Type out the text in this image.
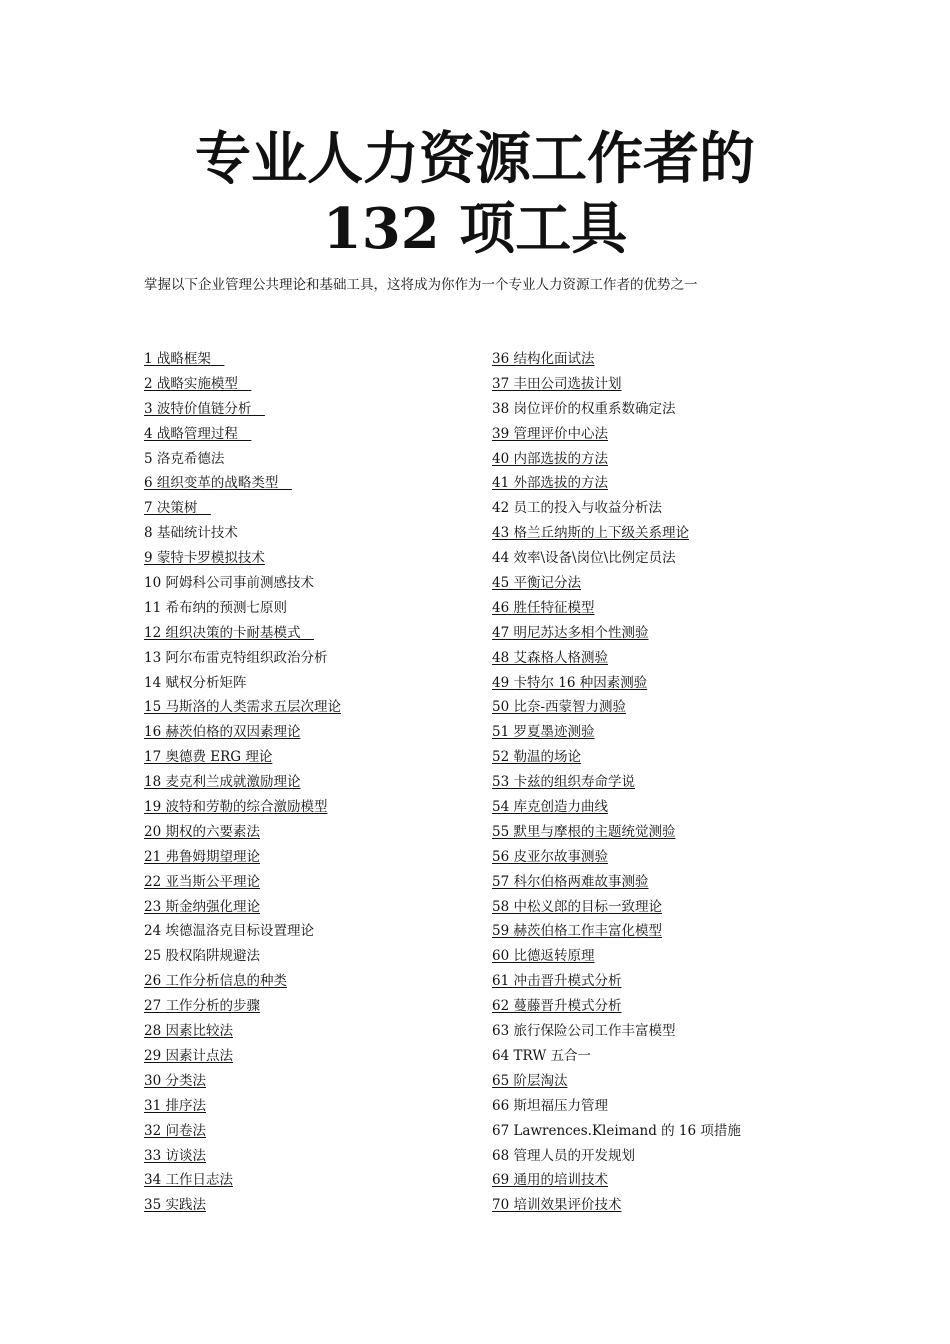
专业人力资源工作者的
132 项工具

掌握以下企业管理公共理论和基础工具，这将成为你作为一个专业人力资源工作者的优势之一

1 战略框架　
2 战略实施模型　
3 波特价值链分析　
4 战略管理过程　
5 洛克希德法
6 组织变革的战略类型　
7 决策树　
8 基础统计技术
9 蒙特卡罗模拟技术
10 阿姆科公司事前测感技术
11 希布纳的预测七原则
12 组织决策的卡耐基模式　
13 阿尔布雷克特组织政治分析
14 赋权分析矩阵
15 马斯洛的人类需求五层次理论
16 赫茨伯格的双因素理论
17 奥德费 ERG 理论
18 麦克利兰成就激励理论
19 波特和劳勒的综合激励模型
20 期权的六要素法
21 弗鲁姆期望理论
22 亚当斯公平理论
23 斯金纳强化理论
24 埃德温洛克目标设置理论
25 股权陷阱规避法
26 工作分析信息的种类
27 工作分析的步骤
28 因素比较法
29 因素计点法
30 分类法
31 排序法
32 问卷法
33 访谈法
34 工作日志法
35 实践法
36 结构化面试法
37 丰田公司选拔计划
38 岗位评价的权重系数确定法
39 管理评价中心法
40 内部选拔的方法
41 外部选拔的方法
42 员工的投入与收益分析法
43 格兰丘纳斯的上下级关系理论
44 效率\设备\岗位\比例定员法
45 平衡记分法
46 胜任特征模型
47 明尼苏达多相个性测验
48 艾森格人格测验
49 卡特尔 16 种因素测验
50 比奈-西蒙智力测验
51 罗夏墨迹测验
52 勒温的场论
53 卡兹的组织寿命学说
54 库克创造力曲线
55 默里与摩根的主题统觉测验
56 皮亚尔故事测验
57 科尔伯格两难故事测验
58 中松义郎的目标一致理论
59 赫茨伯格工作丰富化模型
60 比德返转原理
61 冲击晋升模式分析
62 蔓藤晋升模式分析
63 旅行保险公司工作丰富模型
64 TRW 五合一
65 阶层淘汰
66 斯坦福压力管理
67 Lawrences.Kleimand 的 16 项措施
68 管理人员的开发规划
69 通用的培训技术
70 培训效果评价技术
